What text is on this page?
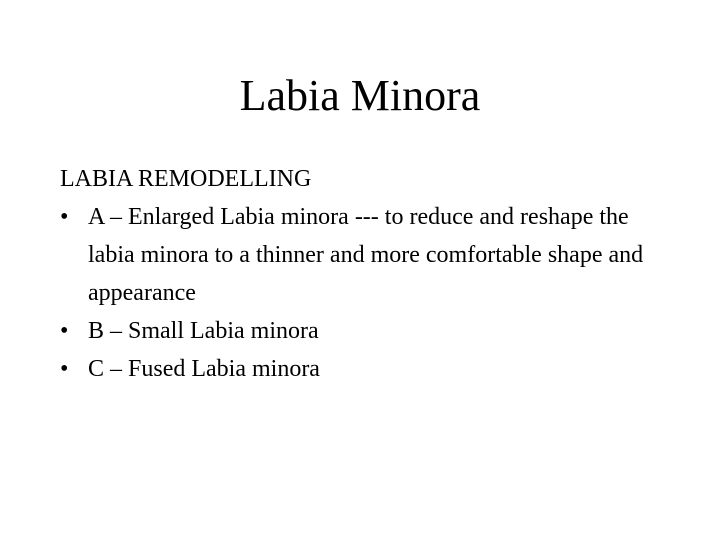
Labia Minora

LABIA REMODELLING

• A – Enlarged Labia minora --- to reduce and reshape the labia minora to a thinner and more comfortable shape and appearance
• B – Small Labia minora
• C – Fused Labia minora
